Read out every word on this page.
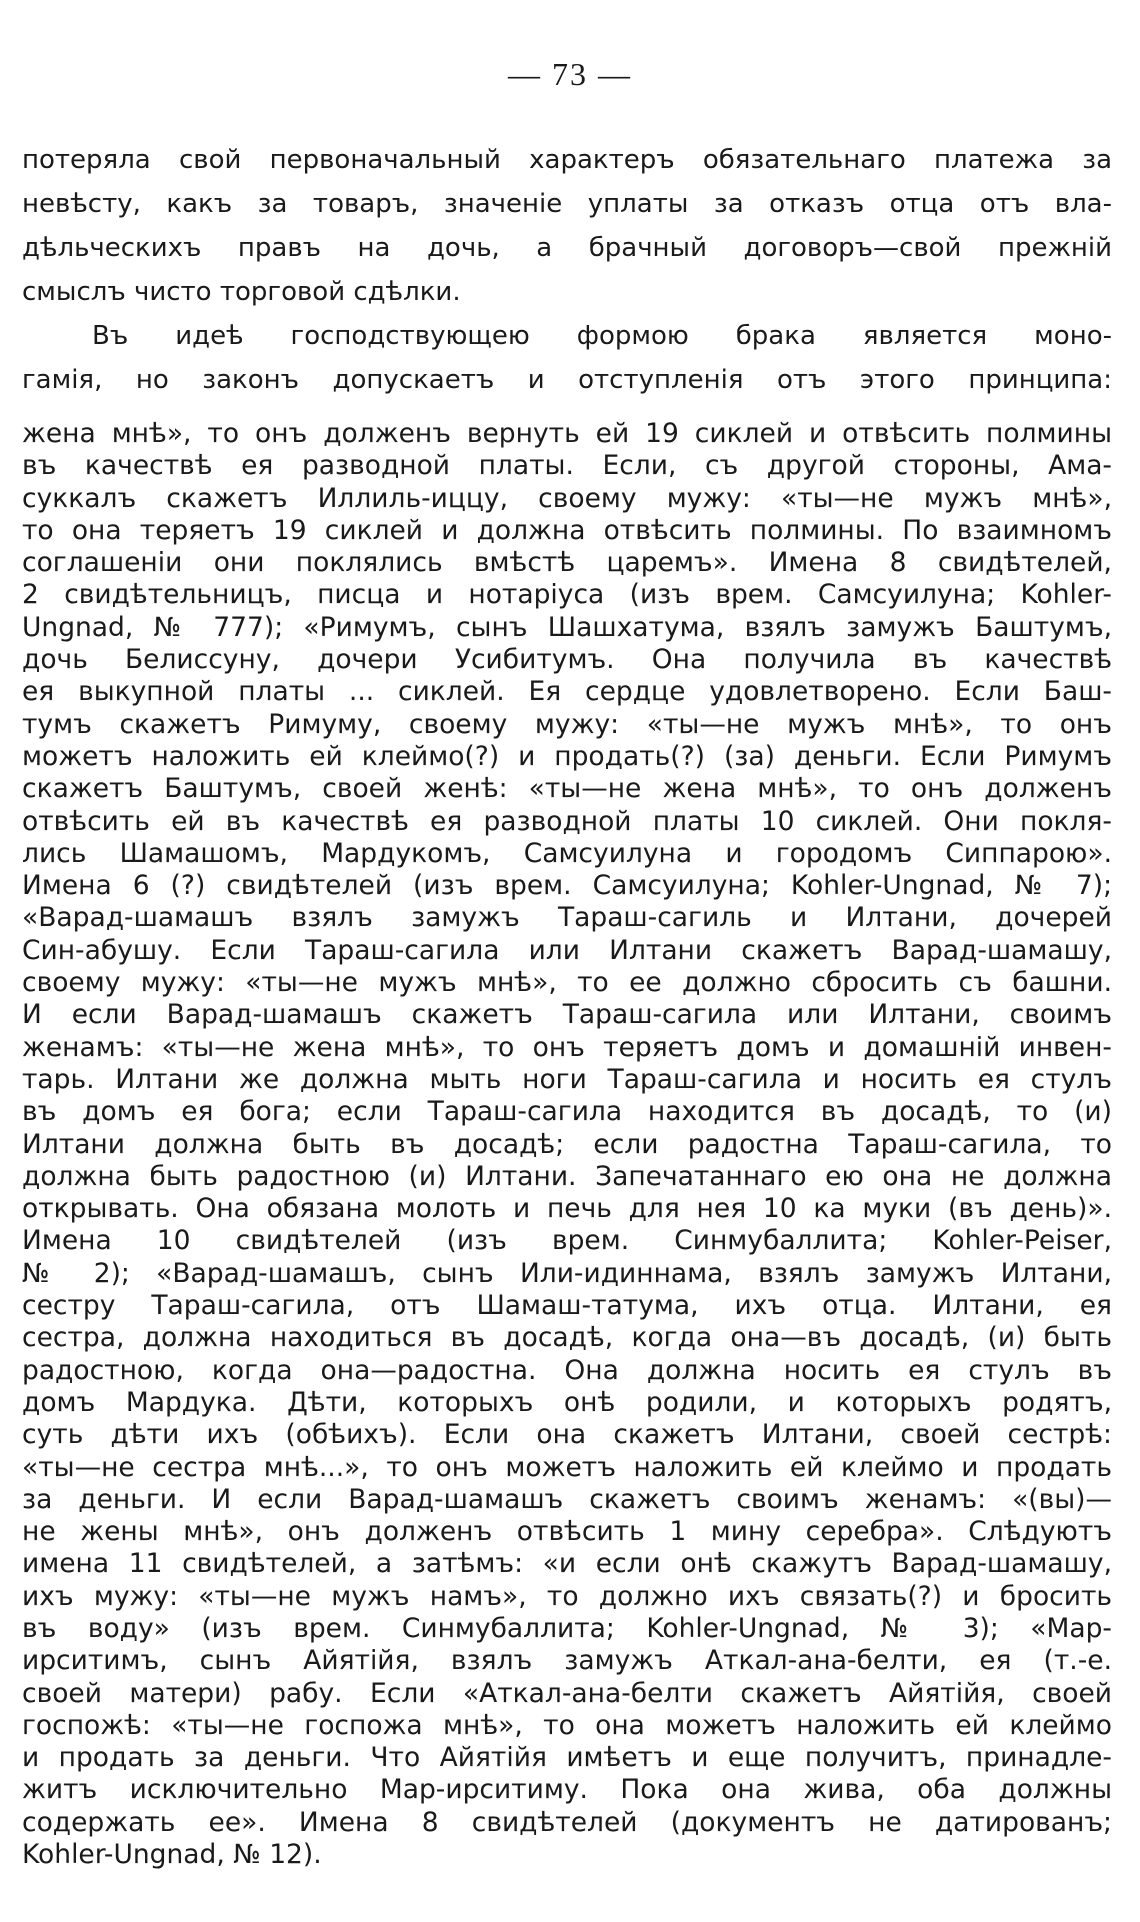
— 73 —
потеряла свой первоначальный характеръ обязательнаго платежа за
невѣсту, какъ за товаръ, значеніе уплаты за отказъ отца отъ вла-
дѣльческихъ правъ на дочь, а брачный договоръ—свой прежній
смыслъ чисто торговой сдѣлки.
Въ идеѣ господствующею формою брака является моно-
гамія, но законъ допускаетъ и отступленія отъ этого принципа:
жена мнѣ», то онъ долженъ вернуть ей 19 сиклей и отвѣсить полмины
въ качествѣ ея разводной платы. Если, съ другой стороны, Ама-
суккалъ скажетъ Иллиль-иццу, своему мужу: «ты—не мужъ мнѣ»,
то она теряетъ 19 сиклей и должна отвѣсить полмины. По взаимномъ
соглашеніи они поклялись вмѣстѣ царемъ». Имена 8 свидѣтелей,
2 свидѣтельницъ, писца и нотаріуса (изъ врем. Самсуилуна; Kohler-
Ungnad, № 777); «Римумъ, сынъ Шашхатума, взялъ замужъ Баштумъ,
дочь Белиссуну, дочери Усибитумъ. Она получила въ качествѣ
ея выкупной платы ... сиклей. Ея сердце удовлетворено. Если Баш-
тумъ скажетъ Римуму, своему мужу: «ты—не мужъ мнѣ», то онъ
можетъ наложить ей клеймо(?) и продать(?) (за) деньги. Если Римумъ
скажетъ Баштумъ, своей женѣ: «ты—не жена мнѣ», то онъ долженъ
отвѣсить ей въ качествѣ ея разводной платы 10 сиклей. Они покля-
лись Шамашомъ, Мардукомъ, Самсуилуна и городомъ Сиппарою».
Имена 6 (?) свидѣтелей (изъ врем. Самсуилуна; Kohler-Ungnad, № 7);
«Варад-шамашъ взялъ замужъ Тараш-сагиль и Илтани, дочерей
Син-абушу. Если Тараш-сагила или Илтани скажетъ Варад-шамашу,
своему мужу: «ты—не мужъ мнѣ», то ее должно сбросить съ башни.
И если Варад-шамашъ скажетъ Тараш-сагила или Илтани, своимъ
женамъ: «ты—не жена мнѣ», то онъ теряетъ домъ и домашній инвен-
тарь. Илтани же должна мыть ноги Тараш-сагила и носить ея стулъ
въ домъ ея бога; если Тараш-сагила находится въ досадѣ, то (и)
Илтани должна быть въ досадѣ; если радостна Тараш-сагила, то
должна быть радостною (и) Илтани. Запечатаннаго ею она не должна
открывать. Она обязана молоть и печь для нея 10 ка муки (въ день)».
Имена 10 свидѣтелей (изъ врем. Синмубаллита; Kohler-Peiser,
№ 2); «Варад-шамашъ, сынъ Или-идиннама, взялъ замужъ Илтани,
сестру Тараш-сагила, отъ Шамаш-татума, ихъ отца. Илтани, ея
сестра, должна находиться въ досадѣ, когда она—въ досадѣ, (и) быть
радостною, когда она—радостна. Она должна носить ея стулъ въ
домъ Мардука. Дѣти, которыхъ онѣ родили, и которыхъ родятъ,
суть дѣти ихъ (обѣихъ). Если она скажетъ Илтани, своей сестрѣ:
«ты—не сестра мнѣ...», то онъ можетъ наложить ей клеймо и продать
за деньги. И если Варад-шамашъ скажетъ своимъ женамъ: «(вы)—
не жены мнѣ», онъ долженъ отвѣсить 1 мину серебра». Слѣдуютъ
имена 11 свидѣтелей, а затѣмъ: «и если онѣ скажутъ Варад-шамашу,
ихъ мужу: «ты—не мужъ намъ», то должно ихъ связать(?) и бросить
въ воду» (изъ врем. Синмубаллита; Kohler-Ungnad, № 3); «Мар-
ирситимъ, сынъ Айятійя, взялъ замужъ Аткал-ана-белти, ея (т.-е.
своей матери) рабу. Если «Аткал-ана-белти скажетъ Айятійя, своей
госпожѣ: «ты—не госпожа мнѣ», то она можетъ наложить ей клеймо
и продать за деньги. Что Айятійя имѣетъ и еще получитъ, принадле-
житъ исключительно Мар-ирситиму. Пока она жива, оба должны
содержать ее». Имена 8 свидѣтелей (документъ не датированъ;
Kohler-Ungnad, № 12).
